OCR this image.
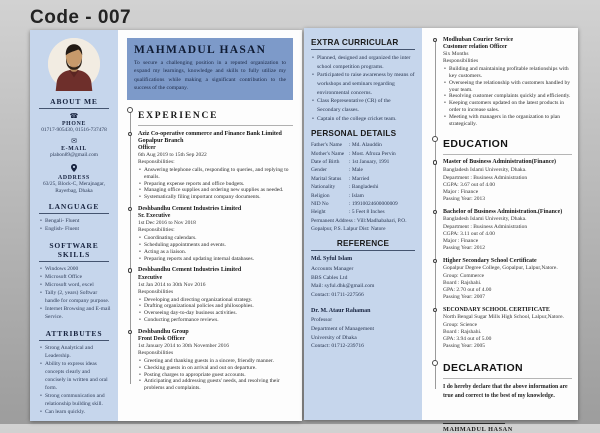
Code - 007
ABOUT ME
☎
PHONE
01717-905430, 01516-737478
✉
E-MAIL
plabon89@gmail.com
ADDRESS
63/25, Block-C, Merajnagar, Rayerbag, Dhaka
LANGUAGE
• Bengali- Fluent
• English- Fluent
SOFTWARE SKILLS
• Windows 2000
• Microsoft Office
• Microsoft word, excel
• Tally (2, years) Softwar handle for company purpose.
• Internet Browsing and E-mail Service.
ATTRIBUTES
• Strong Analytical and Leadership.
• Ability to express ideas concepts clearly and concisely in written and oral form.
• Strong communication and relationship building skill.
• Can learn quickly.
MAHMADUL HASAN

To secure a challenging position in a reputed organization to expand my learnings, knowledge and skills to fully utilize my qualifications while making a significant contribution to the success of the company.

EXPERIENCE
Aziz Co-operative commerce and Finance Bank Limited Gopalpur Branch
Officer
6th Aug 2019 to 15th Sep 2022
Responsibilities:
• Answering telephone calls, responding to queries, and replying to emails.
• Preparing expense reports and office budgets.
• Managing office supplies and ordering new supplies as needed.
• Systematically filing important company documents.
Deshbandhu Cement Industries Limited
Sr. Executive
1st Dec 2016 to Nov 2018
Responsibilities:
• Coordinating calendars.
• Scheduling appointments and events.
• Acting as a liaison.
• Preparing reports and updating internal databases.
Deshbandhu Cement Industries Limited
Executive
1st Jan 2014 to 30th Nov 2016
Responsibilities
• Developing and directing organizational strategy.
• Drafting organizational policies and philosophies.
• Overseeing day-to-day business activities.
• Conducting performance reviews.
Deshbandhu Group
Front Desk Officer
1st January 2014 to 30th November 2016
Responsibilities
• Greeting and thanking guests in a sincere, friendly manner.
• Checking guests in on arrival and out on departure.
• Posting charges to appropriate guest accounts.
• Anticipating and addressing guests' needs, and resolving their problems and complaints.
EXTRA CURRICULAR
• Planned, designed and organized the inter school competition programs.
• Participated to raise awareness by means of workshops and seminars regarding environmental concerns.
• Class Representative (CR) of the Secondary classes.
• Captain of the college cricket team.
PERSONAL DETAILS
Father's Name	: Md. Alauddin
Mother's Name : Most. Afroza Pervin
Date of Birth	: 1st January, 1991
Gender	: Male
Marital Status	: Married
Nationality	: Bangladeshi
Religion	: Islam
NID No	: 19910024600000009
Height	: 5 Feet 8 Inches
Permanent Address : Vill:Madhabahari, P.O. Gopalpur, P.S. Lalpur Dist: Natore
REFERENCE
Md. Syful Islam
Accounts Manager
BBS Cables Ltd
Mail: syful.dhk@gmail.com
Contact: 01711-227566
Dr. M. Ataur Rahaman
Professor
Department of Management
University of Dhaka
Contact: 01712-239716
Modhuban Courier Service
Customer relation Officer
Six Months
Responsibilities
• Building and maintaining profitable relationships with key customers.
• Overseeing the relationship with customers handled by your team.
• Resolving customer complaints quickly and efficiently.
• Keeping customers updated on the latest products in order to increase sales.
• Meeting with managers in the organization to plan strategically.
EDUCATION
Master of Business Administration(Finance)
Bangladesh Islami University, Dhaka.
Department : Business Administration
CGPA: 3.67 out of 4.00
Major : Finance
Passing Year: 2013
Bachelor of Business Administration.(Finance)
Bangladesh Islami University, Dhaka.
Department : Business Administration
CGPA: 3.11 out of 4.00
Major : Finance
Passing Year: 2012
Higher Secondary School Certificate
Gopalpur Degree College, Gopalpur, Lalpur,Natore.
Group: Commerce
Board : Rajshahi.
GPA: 2.70 out of 4.00
Passing Year: 2007
SECONDARY SCHOOL CERTIFICATE
North Bengal Sugar Mills High School, Lalpur,Natore.
Group: Science
Board : Rajshahi.
GPA: 3.94 out of 5.00
Passing Year: 2005
DECLARATION

I do hereby declare that the above information are true and correct to the best of my knowledge.

MAHMADUL HASAN
